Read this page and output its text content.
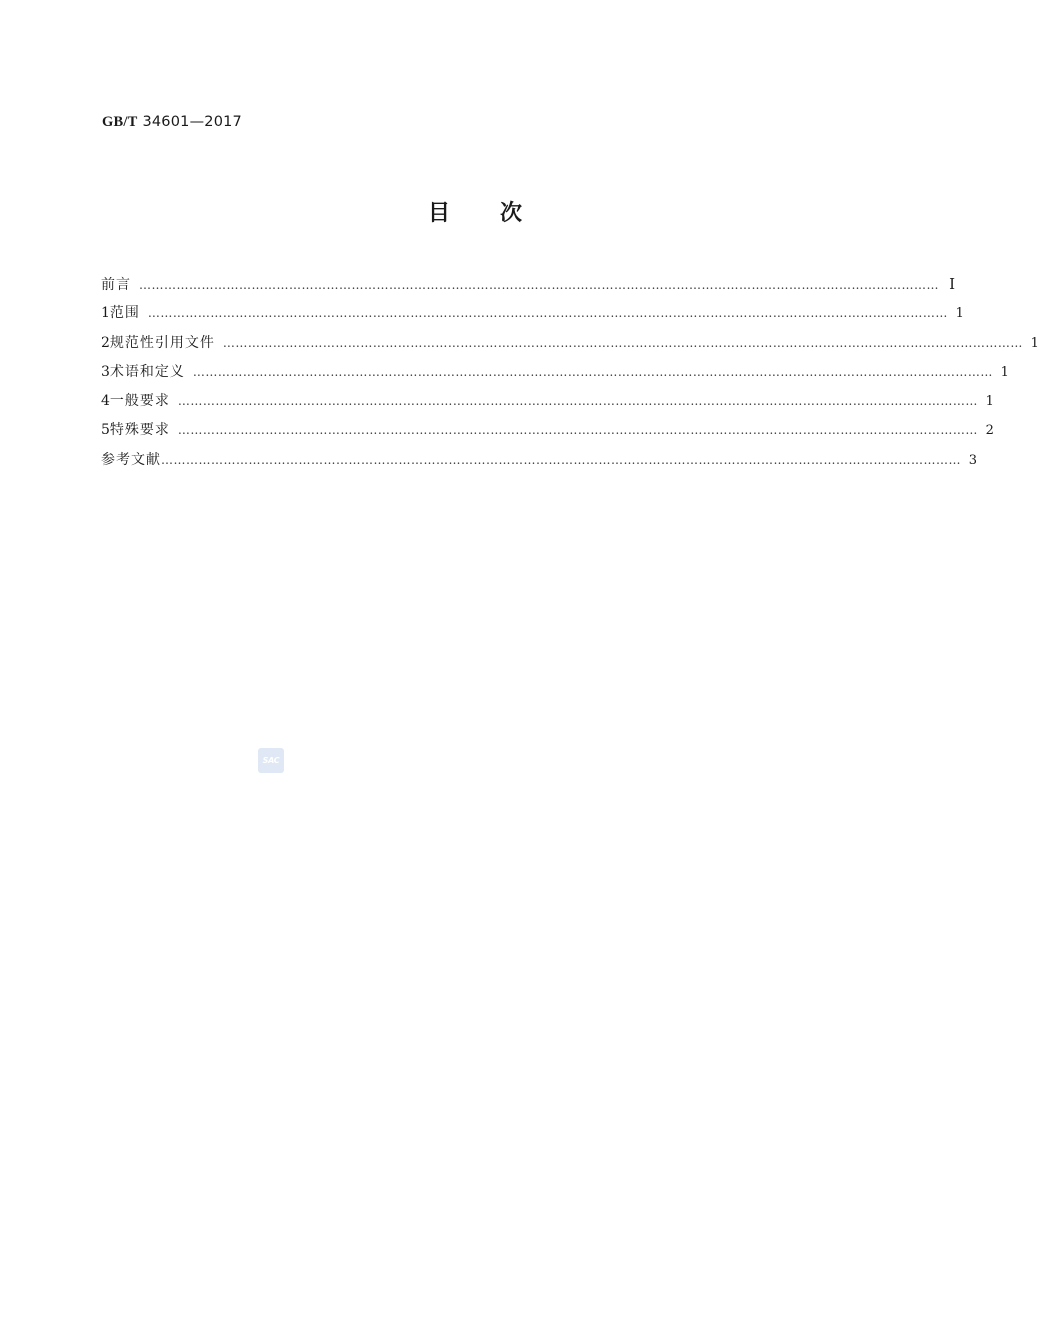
GB/T 34601—2017
目 次
前言 ………………………………………………………………………………………………………………………………………………………………………… Ⅰ
1 范围 ………………………………………………………………………………………………………………………………………………………………………… 1
2 规范性引用文件 ………………………………………………………………………………………………………………………………………………………………………… 1
3 术语和定义 ………………………………………………………………………………………………………………………………………………………………………… 1
4 一般要求 ………………………………………………………………………………………………………………………………………………………………………… 1
5 特殊要求 ………………………………………………………………………………………………………………………………………………………………………… 2
参考文献 ………………………………………………………………………………………………………………………………………………………………………… 3
SAC
